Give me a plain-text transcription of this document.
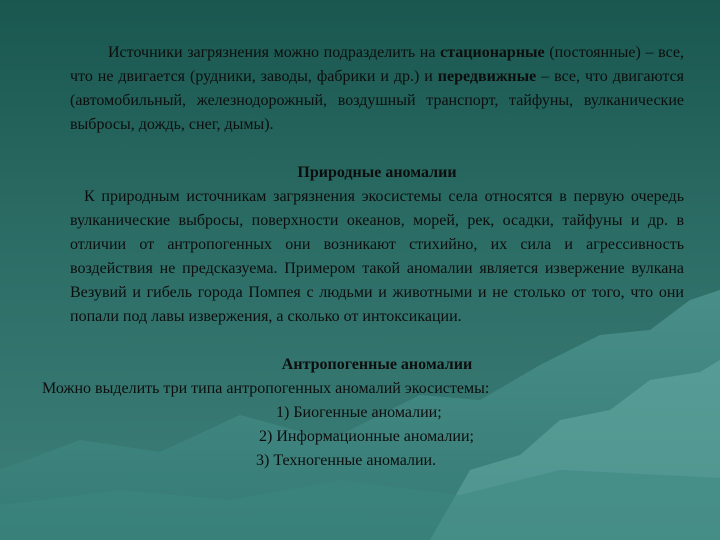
Источники загрязнения можно подразделить на стационарные (постоянные) – все, что не двигается (рудники, заводы, фабрики и др.) и передвижные – все, что двигаются (автомобильный, железнодорожный, воздушный транспорт, тайфуны, вулканические выбросы, дождь, снег, дымы).

Природные аномалии

К природным источникам загрязнения экосистемы села относятся в первую очередь вулканические выбросы, поверхности океанов, морей, рек, осадки, тайфуны и др. в отличии от антропогенных они возникают стихийно, их сила и агрессивность воздействия не предсказуема. Примером такой аномалии является извержение вулкана Везувий и гибель города Помпея с людьми и животными и не столько от того, что они попали под лавы извержения, а сколько от интоксикации.

Антропогенные аномалии

Можно выделить три типа антропогенных аномалий экосистемы:

1) Биогенные аномалии;
2) Информационные аномалии;
3) Техногенные аномалии.
